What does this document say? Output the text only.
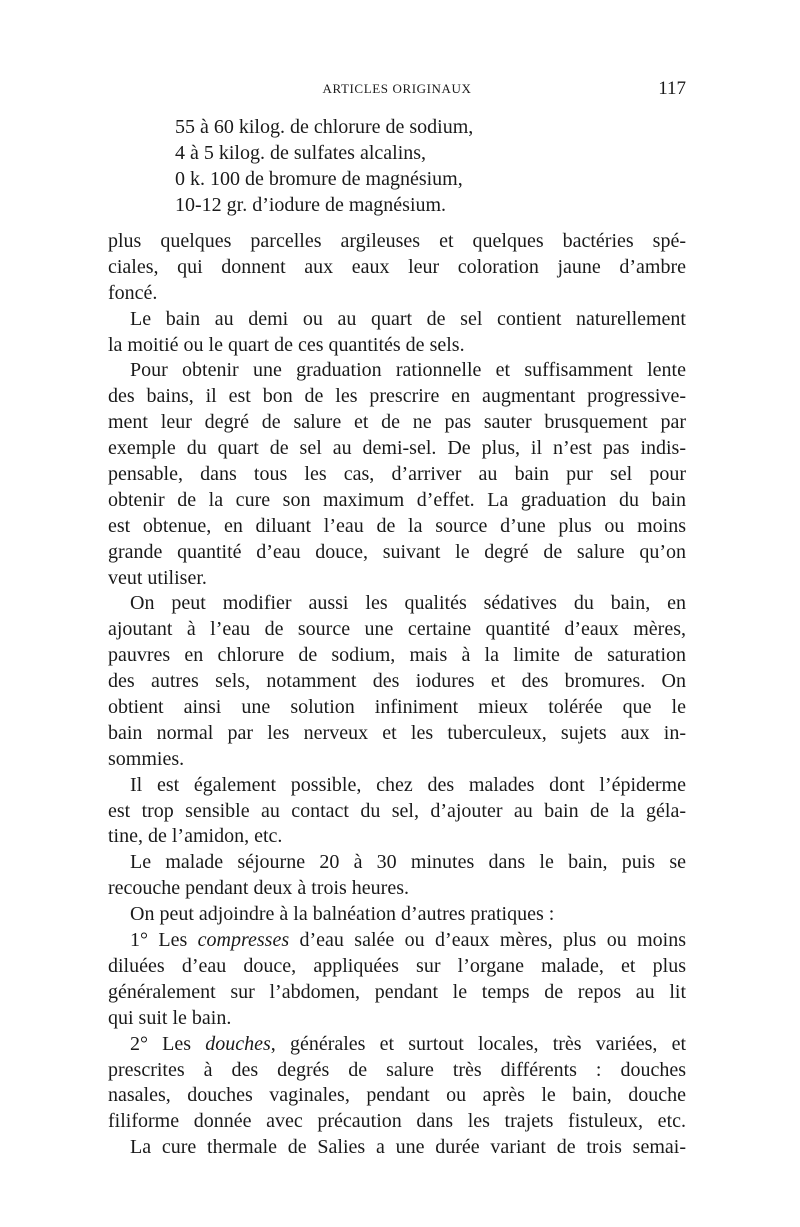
ARTICLES ORIGINAUX	117
55 à 60 kilog. de chlorure de sodium,
4 à 5 kilog. de sulfates alcalins,
0 k. 100 de bromure de magnésium,
10-12 gr. d’iodure de magnésium.
plus quelques parcelles argileuses et quelques bactéries spé-
ciales, qui donnent aux eaux leur coloration jaune d’ambre
foncé.
Le bain au demi ou au quart de sel contient naturellement
la moitié ou le quart de ces quantités de sels.
Pour obtenir une graduation rationnelle et suffisamment lente
des bains, il est bon de les prescrire en augmentant progressive-
ment leur degré de salure et de ne pas sauter brusquement par
exemple du quart de sel au demi-sel. De plus, il n’est pas indis-
pensable, dans tous les cas, d’arriver au bain pur sel pour
obtenir de la cure son maximum d’effet. La graduation du bain
est obtenue, en diluant l’eau de la source d’une plus ou moins
grande quantité d’eau douce, suivant le degré de salure qu’on
veut utiliser.
On peut modifier aussi les qualités sédatives du bain, en
ajoutant à l’eau de source une certaine quantité d’eaux mères,
pauvres en chlorure de sodium, mais à la limite de saturation
des autres sels, notamment des iodures et des bromures. On
obtient ainsi une solution infiniment mieux tolérée que le
bain normal par les nerveux et les tuberculeux, sujets aux in-
sommies.
Il est également possible, chez des malades dont l’épiderme
est trop sensible au contact du sel, d’ajouter au bain de la géla-
tine, de l’amidon, etc.
Le malade séjourne 20 à 30 minutes dans le bain, puis se
recouche pendant deux à trois heures.
On peut adjoindre à la balnéation d’autres pratiques :
1° Les compresses d’eau salée ou d’eaux mères, plus ou moins
diluées d’eau douce, appliquées sur l’organe malade, et plus
généralement sur l’abdomen, pendant le temps de repos au lit
qui suit le bain.
2° Les douches, générales et surtout locales, très variées, et
prescrites à des degrés de salure très différents : douches
nasales, douches vaginales, pendant ou après le bain, douche
filiforme donnée avec précaution dans les trajets fistuleux, etc.
La cure thermale de Salies a une durée variant de trois semai-
